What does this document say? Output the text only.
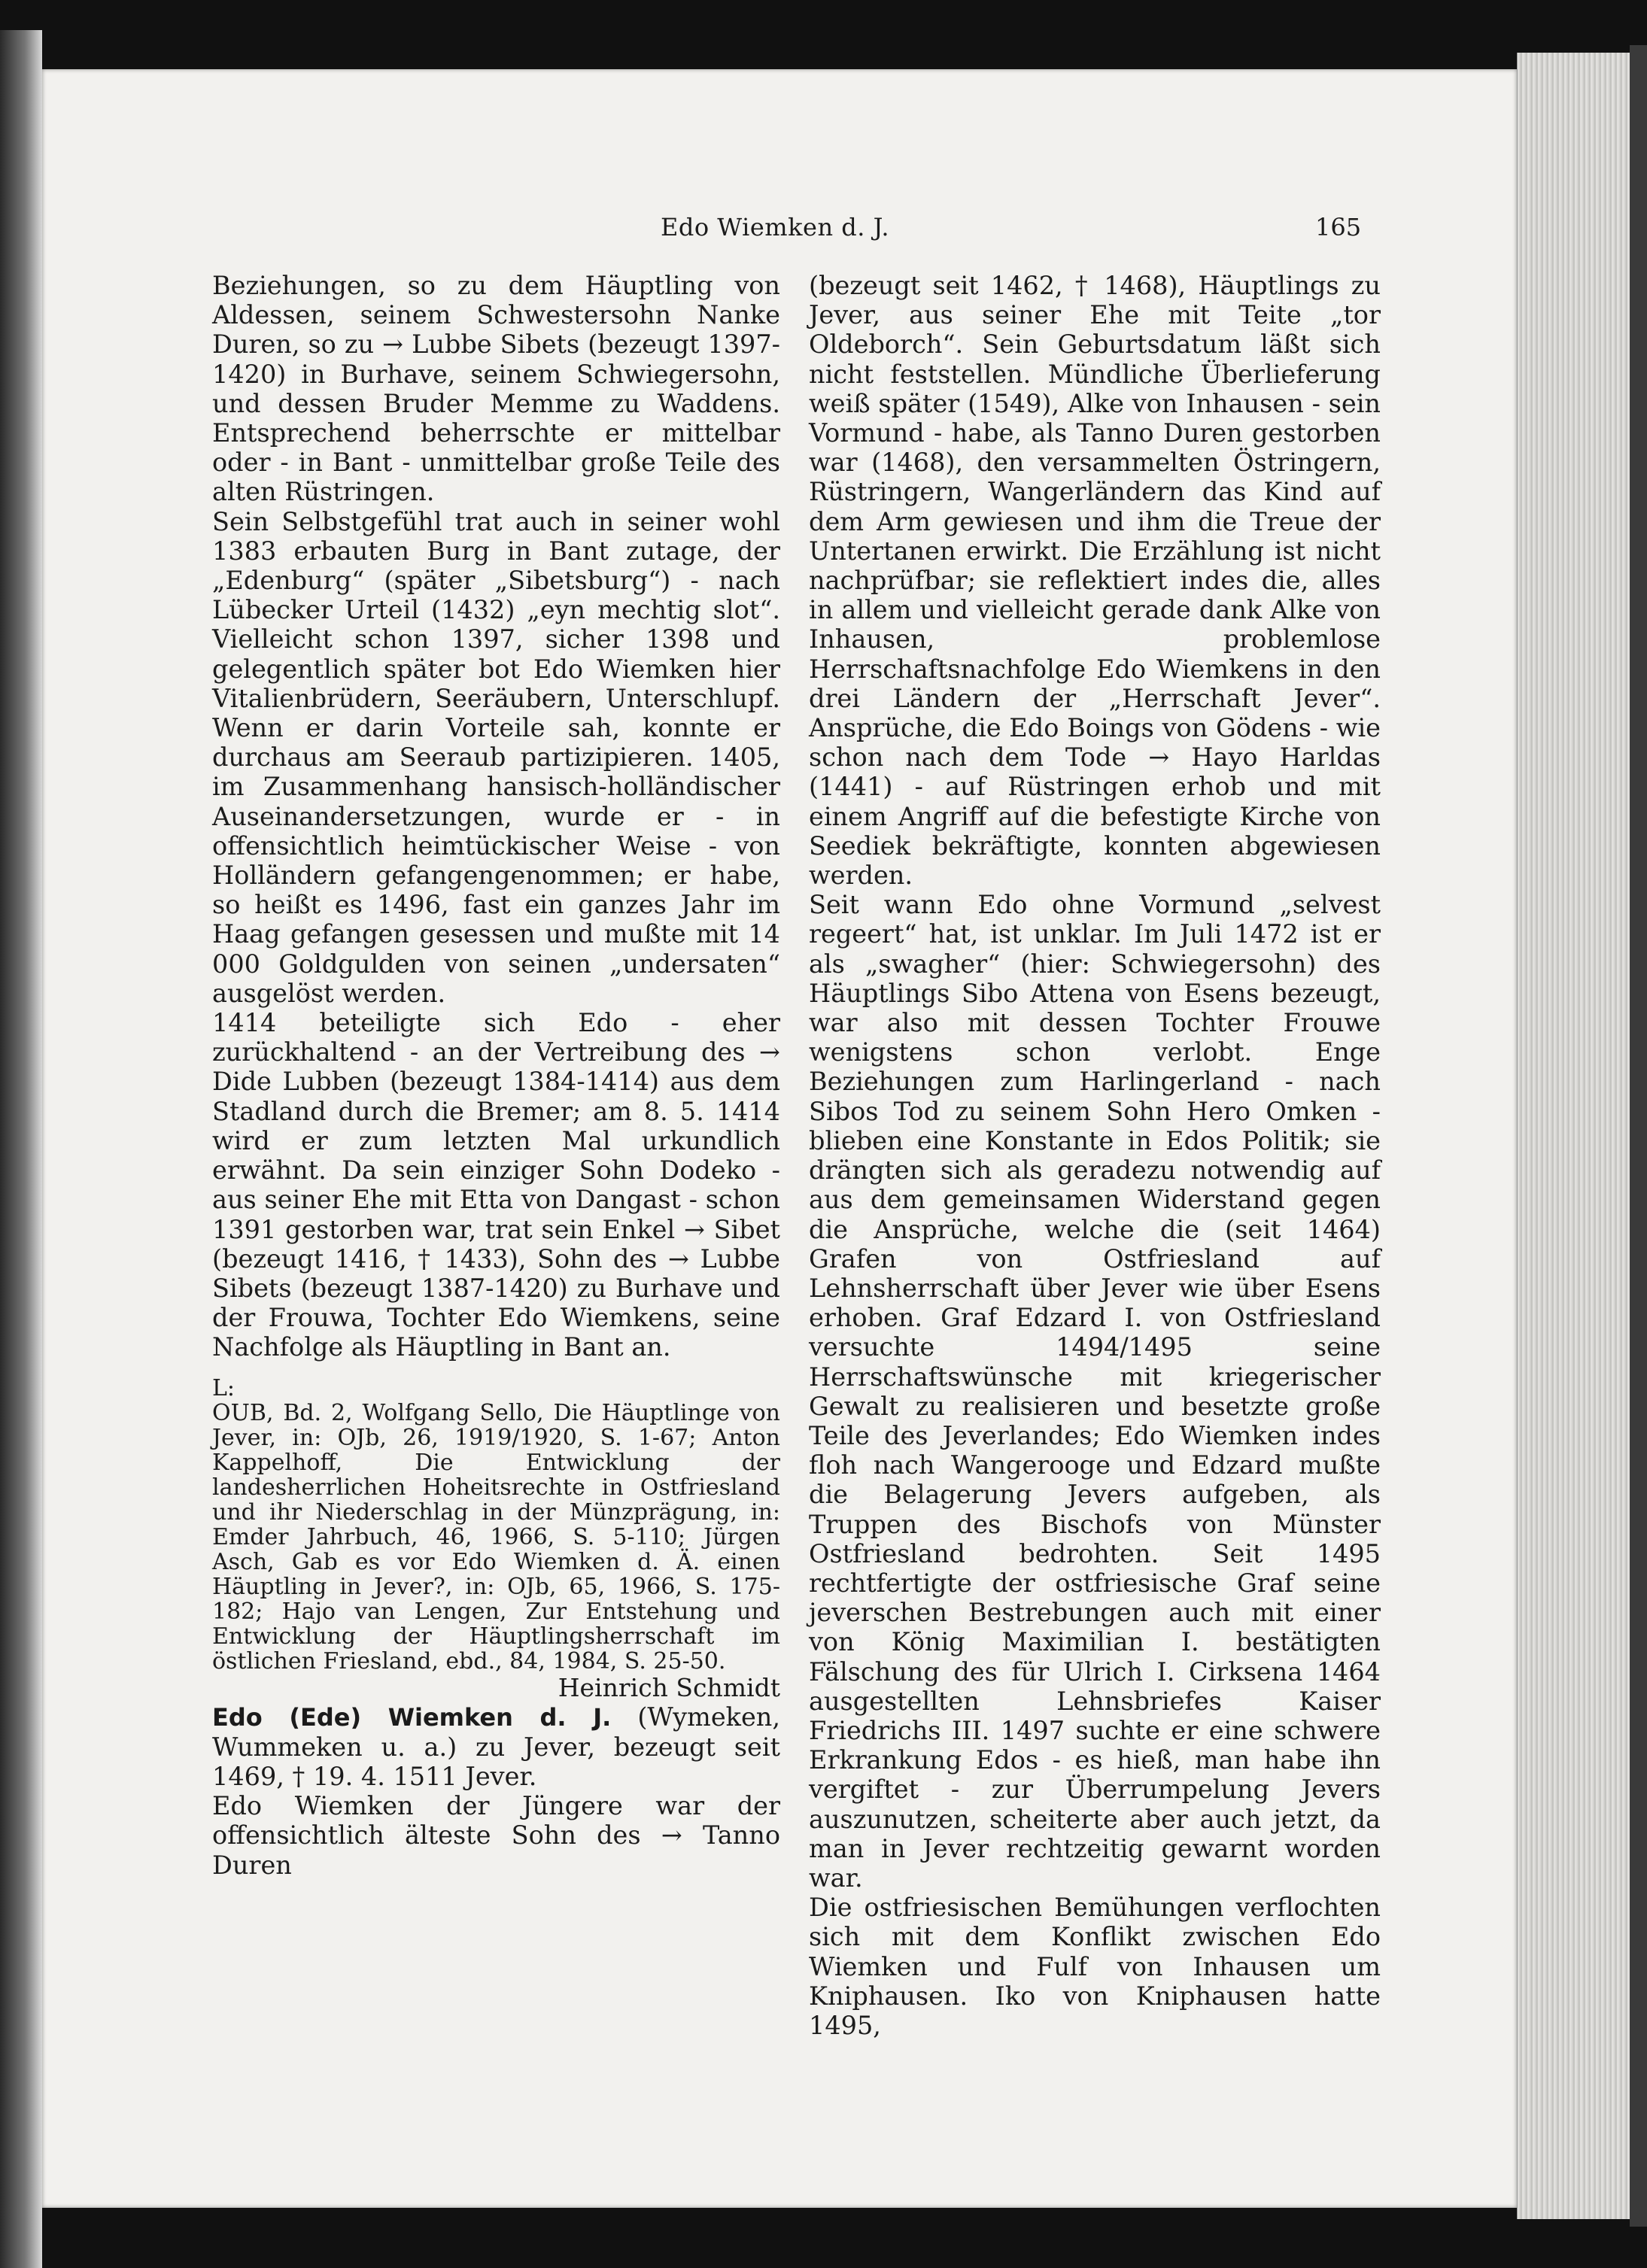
Edo Wiemken d. J.	165

Beziehungen, so zu dem Häuptling von Aldessen, seinem Schwestersohn Nanke Duren, so zu → Lubbe Sibets (bezeugt 1397-1420) in Burhave, seinem Schwiegersohn, und dessen Bruder Memme zu Waddens. Entsprechend beherrschte er mittelbar oder - in Bant - unmittelbar große Teile des alten Rüstringen.

Sein Selbstgefühl trat auch in seiner wohl 1383 erbauten Burg in Bant zutage, der „Edenburg“ (später „Sibetsburg“) - nach Lübecker Urteil (1432) „eyn mechtig slot“. Vielleicht schon 1397, sicher 1398 und gelegentlich später bot Edo Wiemken hier Vitalienbrüdern, Seeräubern, Unterschlupf. Wenn er darin Vorteile sah, konnte er durchaus am Seeraub partizipieren. 1405, im Zusammenhang hansisch-holländischer Auseinandersetzungen, wurde er - in offensichtlich heimtückischer Weise - von Holländern gefangengenommen; er habe, so heißt es 1496, fast ein ganzes Jahr im Haag gefangen gesessen und mußte mit 14 000 Goldgulden von seinen „undersaten“ ausgelöst werden.

1414 beteiligte sich Edo - eher zurückhaltend - an der Vertreibung des → Dide Lubben (bezeugt 1384-1414) aus dem Stadland durch die Bremer; am 8. 5. 1414 wird er zum letzten Mal urkundlich erwähnt. Da sein einziger Sohn Dodeko - aus seiner Ehe mit Etta von Dangast - schon 1391 gestorben war, trat sein Enkel → Sibet (bezeugt 1416, † 1433), Sohn des → Lubbe Sibets (bezeugt 1387-1420) zu Burhave und der Frouwa, Tochter Edo Wiemkens, seine Nachfolge als Häuptling in Bant an.

L:

OUB, Bd. 2, Wolfgang Sello, Die Häuptlinge von Jever, in: OJb, 26, 1919/1920, S. 1-67; Anton Kappelhoff, Die Entwicklung der landesherrlichen Hoheitsrechte in Ostfriesland und ihr Niederschlag in der Münzprägung, in: Emder Jahrbuch, 46, 1966, S. 5-110; Jürgen Asch, Gab es vor Edo Wiemken d. Ä. einen Häuptling in Jever?, in: OJb, 65, 1966, S. 175-182; Hajo van Lengen, Zur Entstehung und Entwicklung der Häuptlingsherrschaft im östlichen Friesland, ebd., 84, 1984, S. 25-50.

Heinrich Schmidt

Edo (Ede) Wiemken d. J. (Wymeken, Wummeken u. a.) zu Jever, bezeugt seit 1469, † 19. 4. 1511 Jever.

Edo Wiemken der Jüngere war der offensichtlich älteste Sohn des → Tanno Duren

(bezeugt seit 1462, † 1468), Häuptlings zu Jever, aus seiner Ehe mit Teite „tor Oldeborch“. Sein Geburtsdatum läßt sich nicht feststellen. Mündliche Überlieferung weiß später (1549), Alke von Inhausen - sein Vormund - habe, als Tanno Duren gestorben war (1468), den versammelten Östringern, Rüstringern, Wangerländern das Kind auf dem Arm gewiesen und ihm die Treue der Untertanen erwirkt. Die Erzählung ist nicht nachprüfbar; sie reflektiert indes die, alles in allem und vielleicht gerade dank Alke von Inhausen, problemlose Herrschaftsnachfolge Edo Wiemkens in den drei Ländern der „Herrschaft Jever“. Ansprüche, die Edo Boings von Gödens - wie schon nach dem Tode → Hayo Harldas (1441) - auf Rüstringen erhob und mit einem Angriff auf die befestigte Kirche von Seediek bekräftigte, konnten abgewiesen werden.

Seit wann Edo ohne Vormund „selvest regeert“ hat, ist unklar. Im Juli 1472 ist er als „swagher“ (hier: Schwiegersohn) des Häuptlings Sibo Attena von Esens bezeugt, war also mit dessen Tochter Frouwe wenigstens schon verlobt. Enge Beziehungen zum Harlingerland - nach Sibos Tod zu seinem Sohn Hero Omken - blieben eine Konstante in Edos Politik; sie drängten sich als geradezu notwendig auf aus dem gemeinsamen Widerstand gegen die Ansprüche, welche die (seit 1464) Grafen von Ostfriesland auf Lehnsherrschaft über Jever wie über Esens erhoben. Graf Edzard I. von Ostfriesland versuchte 1494/1495 seine Herrschaftswünsche mit kriegerischer Gewalt zu realisieren und besetzte große Teile des Jeverlandes; Edo Wiemken indes floh nach Wangerooge und Edzard mußte die Belagerung Jevers aufgeben, als Truppen des Bischofs von Münster Ostfriesland bedrohten. Seit 1495 rechtfertigte der ostfriesische Graf seine jeverschen Bestrebungen auch mit einer von König Maximilian I. bestätigten Fälschung des für Ulrich I. Cirksena 1464 ausgestellten Lehnsbriefes Kaiser Friedrichs III. 1497 suchte er eine schwere Erkrankung Edos - es hieß, man habe ihn vergiftet - zur Überrumpelung Jevers auszunutzen, scheiterte aber auch jetzt, da man in Jever rechtzeitig gewarnt worden war.

Die ostfriesischen Bemühungen verflochten sich mit dem Konflikt zwischen Edo Wiemken und Fulf von Inhausen um Kniphausen. Iko von Kniphausen hatte 1495,
